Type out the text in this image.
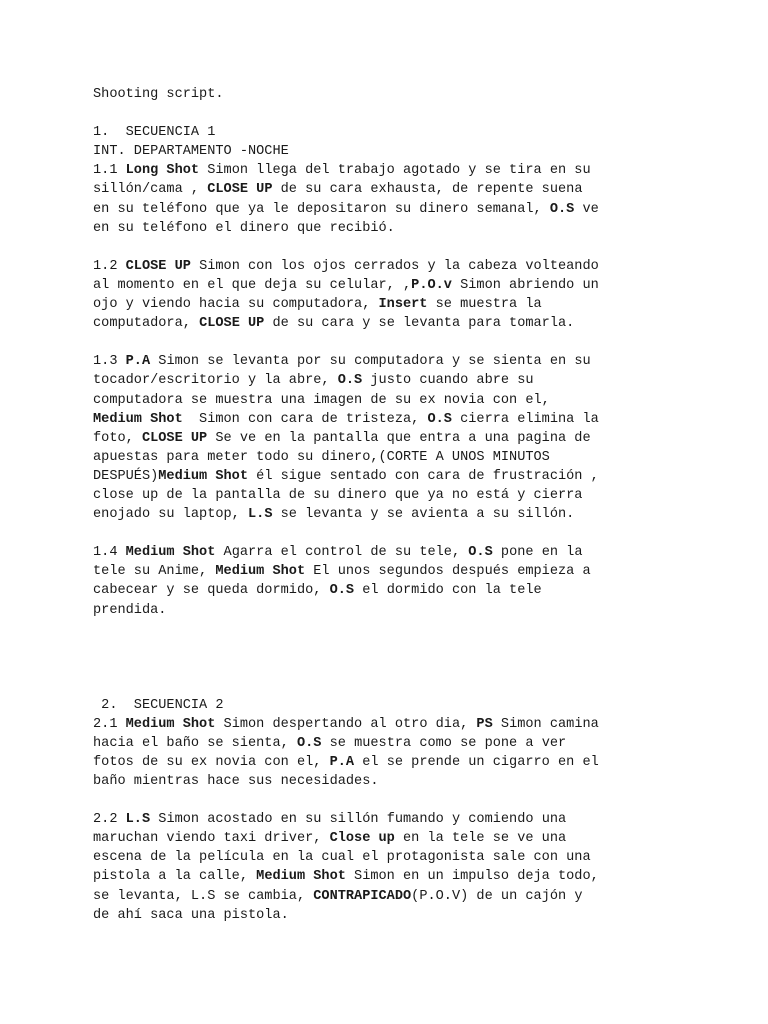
Shooting script.
1.  SECUENCIA 1
INT. DEPARTAMENTO -NOCHE
1.1 Long Shot Simon llega del trabajo agotado y se tira en su
sillón/cama , CLOSE UP de su cara exhausta, de repente suena
en su teléfono que ya le depositaron su dinero semanal, O.S ve
en su teléfono el dinero que recibió.
1.2 CLOSE UP Simon con los ojos cerrados y la cabeza volteando
al momento en el que deja su celular, ,P.O.v Simon abriendo un
ojo y viendo hacia su computadora, Insert se muestra la
computadora, CLOSE UP de su cara y se levanta para tomarla.
1.3 P.A Simon se levanta por su computadora y se sienta en su
tocador/escritorio y la abre, O.S justo cuando abre su
computadora se muestra una imagen de su ex novia con el,
Medium Shot  Simon con cara de tristeza, O.S cierra elimina la
foto, CLOSE UP Se ve en la pantalla que entra a una pagina de
apuestas para meter todo su dinero,(CORTE A UNOS MINUTOS
DESPUÉS)Medium Shot él sigue sentado con cara de frustración ,
close up de la pantalla de su dinero que ya no está y cierra
enojado su laptop, L.S se levanta y se avienta a su sillón.
1.4 Medium Shot Agarra el control de su tele, O.S pone en la
tele su Anime, Medium Shot El unos segundos después empieza a
cabecear y se queda dormido, O.S el dormido con la tele
prendida.
2.  SECUENCIA 2
2.1 Medium Shot Simon despertando al otro dia, PS Simon camina
hacia el baño se sienta, O.S se muestra como se pone a ver
fotos de su ex novia con el, P.A el se prende un cigarro en el
baño mientras hace sus necesidades.
2.2 L.S Simon acostado en su sillón fumando y comiendo una
maruchan viendo taxi driver, Close up en la tele se ve una
escena de la película en la cual el protagonista sale con una
pistola a la calle, Medium Shot Simon en un impulso deja todo,
se levanta, L.S se cambia, CONTRAPICADO(P.O.V) de un cajón y
de ahí saca una pistola.
